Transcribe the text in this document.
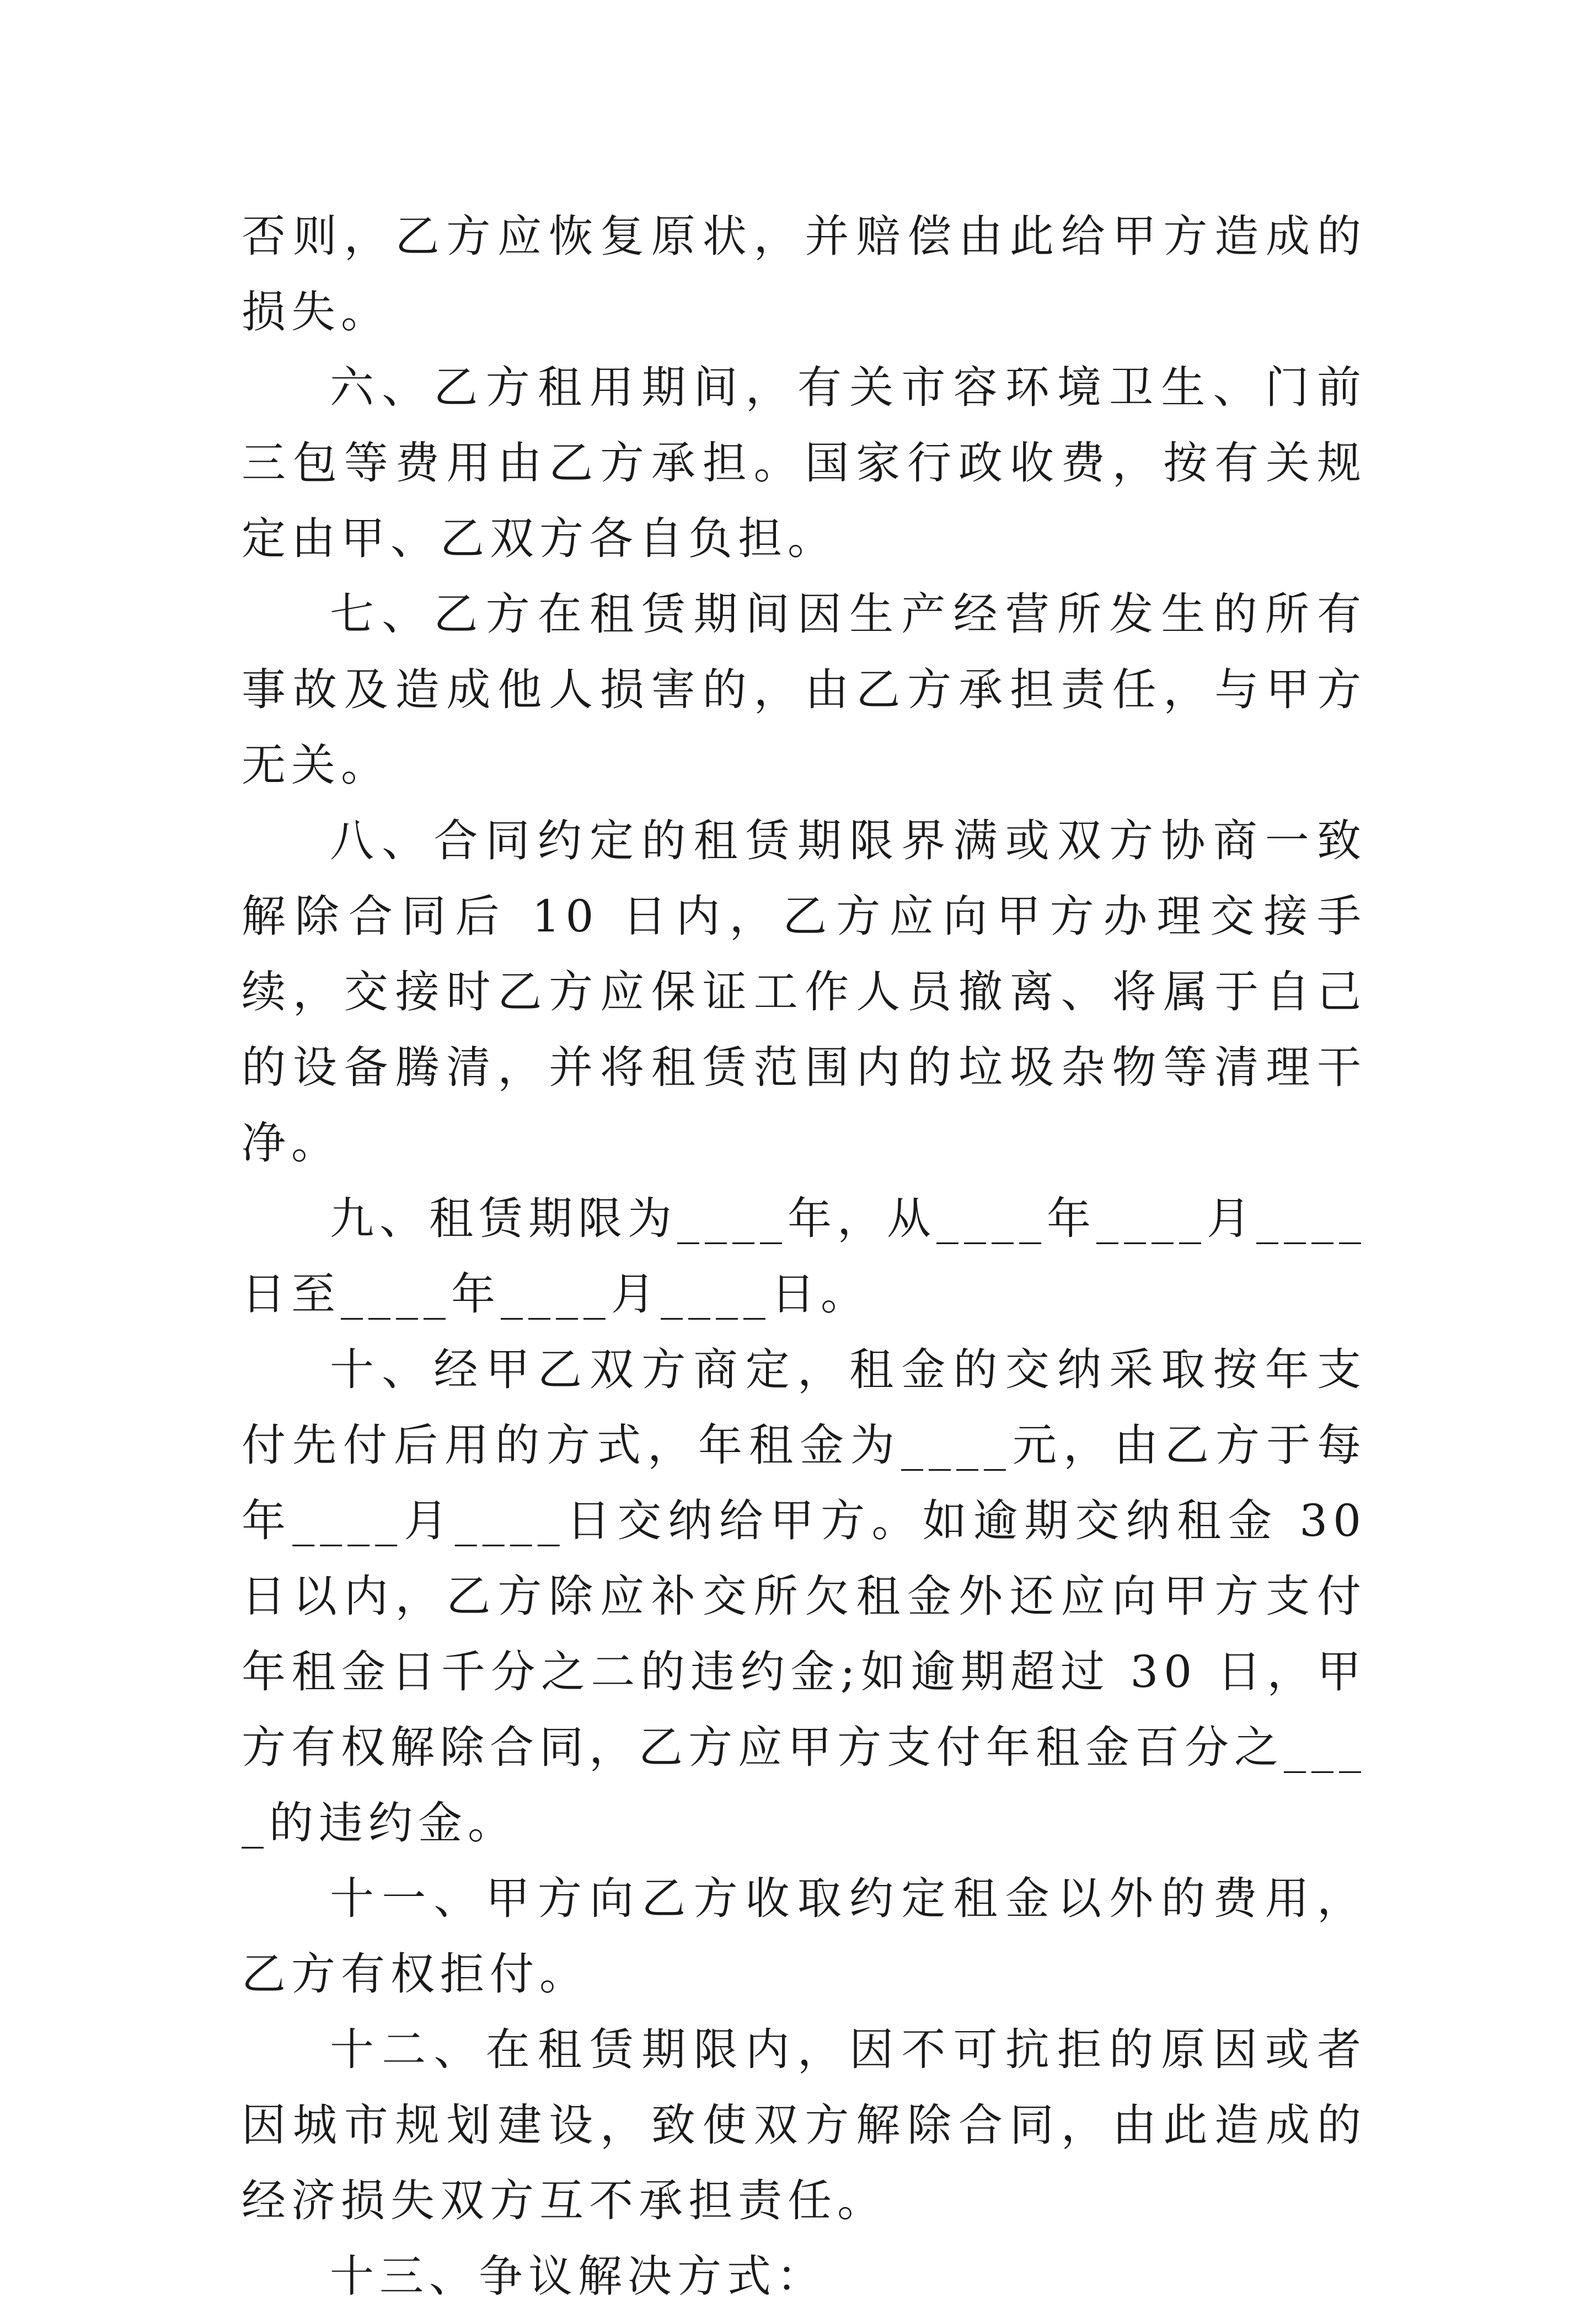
否则，乙方应恢复原状，并赔偿由此给甲方造成的损失。

六、乙方租用期间，有关市容环境卫生、门前三包等费用由乙方承担。国家行政收费，按有关规定由甲、乙双方各自负担。

七、乙方在租赁期间因生产经营所发生的所有事故及造成他人损害的，由乙方承担责任，与甲方无关。

八、合同约定的租赁期限界满或双方协商一致解除合同后 10 日内，乙方应向甲方办理交接手续，交接时乙方应保证工作人员撤离、将属于自己的设备腾清，并将租赁范围内的垃圾杂物等清理干净。

九、租赁期限为____年，从____年____月____日至____年____月____日。

十、经甲乙双方商定，租金的交纳采取按年支付先付后用的方式，年租金为____元，由乙方于每年____月____日交纳给甲方。如逾期交纳租金 30 日以内，乙方除应补交所欠租金外还应向甲方支付年租金日千分之二的违约金;如逾期超过 30 日，甲方有权解除合同，乙方应甲方支付年租金百分之____的违约金。

十一、甲方向乙方收取约定租金以外的费用，乙方有权拒付。

十二、在租赁期限内，因不可抗拒的原因或者因城市规划建设，致使双方解除合同，由此造成的经济损失双方互不承担责任。

十三、争议解决方式：
